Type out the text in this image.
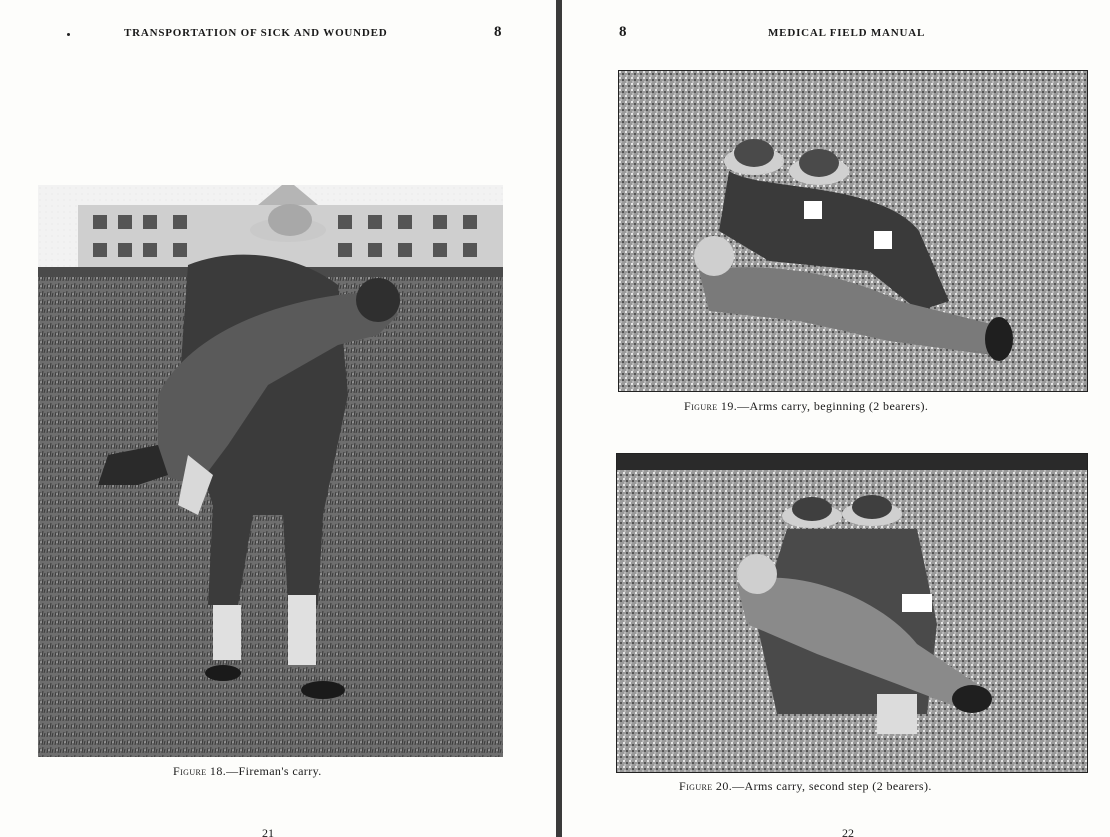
TRANSPORTATION OF SICK AND WOUNDED	8
Figure 18.—Fireman's carry.
21
8	MEDICAL FIELD MANUAL
Figure 19.—Arms carry, beginning (2 bearers).
Figure 20.—Arms carry, second step (2 bearers).
22
